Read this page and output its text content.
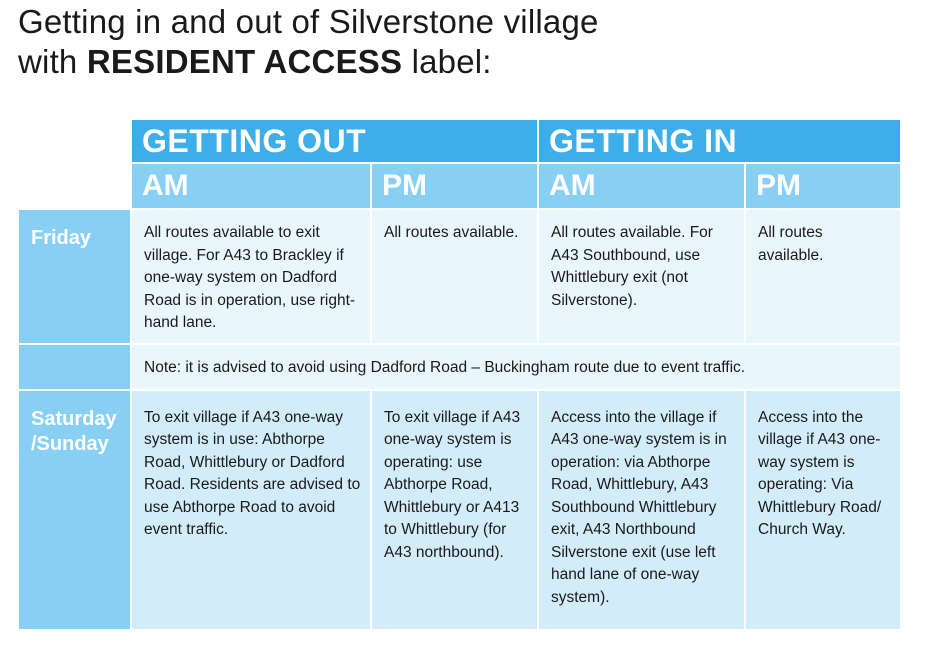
Getting in and out of Silverstone village
with RESIDENT ACCESS label:
	GETTING OUT		GETTING IN	
	AM	PM	AM	PM
Friday	All routes available to exit village. For A43 to Brackley if one-way system on Dadford Road is in operation, use right-hand lane.	All routes available.	All routes available. For A43 Southbound, use Whittlebury exit (not Silverstone).	All routes available.
	Note: it is advised to avoid using Dadford Road – Buckingham route due to event traffic.			
Saturday
/Sunday	To exit village if A43 one-way system is in use: Abthorpe Road, Whittlebury or Dadford Road. Residents are advised to use Abthorpe Road to avoid event traffic.	To exit village if A43 one-way system is operating: use Abthorpe Road, Whittlebury or A413 to Whittlebury (for A43 northbound).	Access into the village if A43 one-way system is in operation: via Abthorpe Road, Whittlebury, A43 Southbound Whittlebury exit, A43 Northbound Silverstone exit (use left hand lane of one-way system).	Access into the village if A43 one-way system is operating: Via Whittlebury Road/ Church Way.
